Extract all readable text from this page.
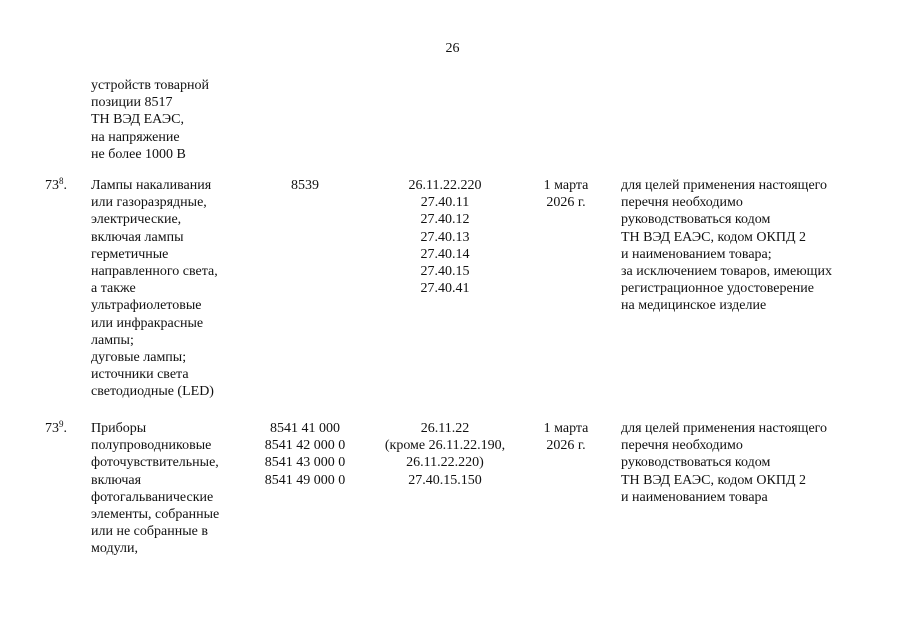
26
устройств товарной
позиции 8517
ТН ВЭД ЕАЭС,
на напряжение
не более 1000 В
$73^8$. Лампы накаливания
или газоразрядные,
электрические,
включая лампы
герметичные
направленного света,
а также
ультрафиолетовые
или инфракрасные
лампы;
дуговые лампы;
источники света
светодиодные (LED)
8539	26.11.22.220
27.40.11
27.40.12
27.40.13
27.40.14
27.40.15
27.40.41
1 марта
2026 г.
для целей применения настоящего
перечня необходимо
руководствоваться кодом
ТН ВЭД ЕАЭС, кодом ОКПД 2
и наименованием товара;
за исключением товаров, имеющих
регистрационное удостоверение
на медицинское изделие
$73^9$. Приборы
полупроводниковые
фоточувствительные,
включая
фотогальванические
элементы, собранные
или не собранные в
модули,
8541 41 000
8541 42 000 0
8541 43 000 0
8541 49 000 0
26.11.22
(кроме 26.11.22.190,
26.11.22.220)
27.40.15.150
1 марта
2026 г.
для целей применения настоящего
перечня необходимо
руководствоваться кодом
ТН ВЭД ЕАЭС, кодом ОКПД 2
и наименованием товара
